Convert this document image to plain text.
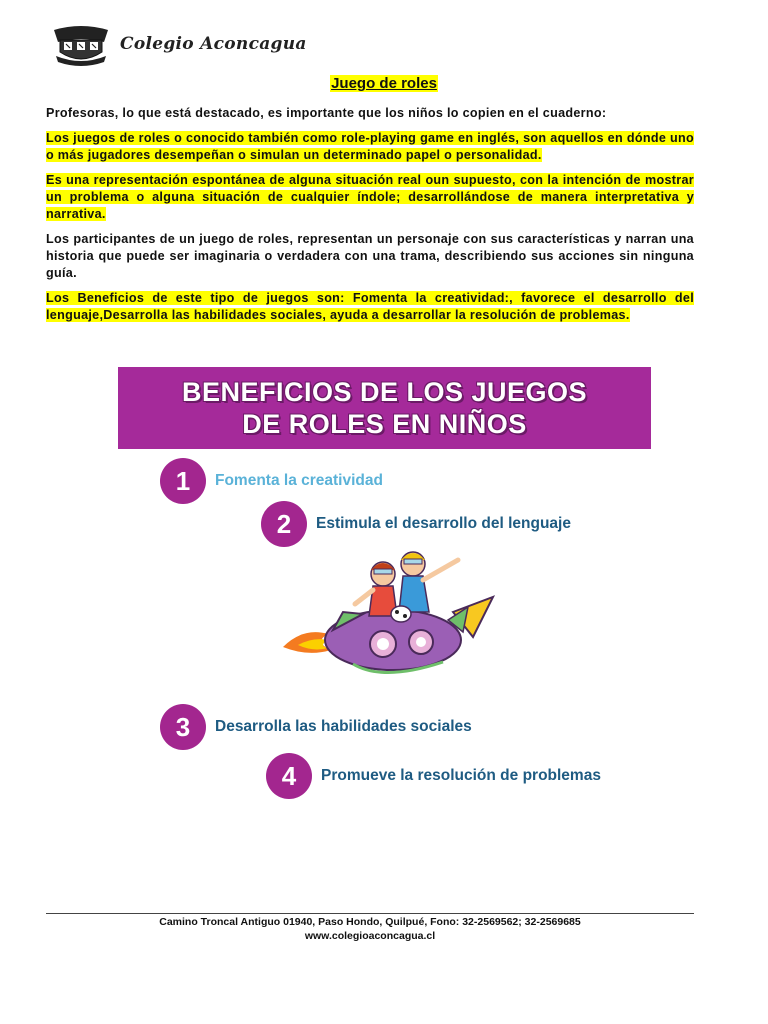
Colegio Aconcagua
Juego de roles

Profesoras, lo que está destacado, es importante que los niños lo copien en el cuaderno:

Los juegos de roles o conocido también como role-playing game en inglés, son aquellos en dónde uno o más jugadores desempeñan o simulan un determinado papel o personalidad.

Es una representación espontánea de alguna situación real oun supuesto, con la intención de mostrar un problema o alguna situación de cualquier índole; desarrollándose de manera interpretativa y narrativa.

Los participantes de un juego de roles, representan un personaje con sus características y narran una historia que puede ser imaginaria o verdadera con una trama, describiendo sus acciones sin ninguna guía.

Los Beneficios de este tipo de juegos son: Fomenta la creatividad:, favorece el desarrollo del lenguaje,Desarrolla las habilidades sociales, ayuda a desarrollar la resolución de problemas.

BENEFICIOS DE LOS JUEGOS
DE ROLES EN NIÑOS
1	Fomenta la creatividad
2	Estimula el desarrollo del lenguaje
3	Desarrolla las habilidades sociales
4	Promueve la resolución de problemas
Camino Troncal Antiguo 01940, Paso Hondo, Quilpué, Fono: 32-2569562; 32-2569685
www.colegioaconcagua.cl
